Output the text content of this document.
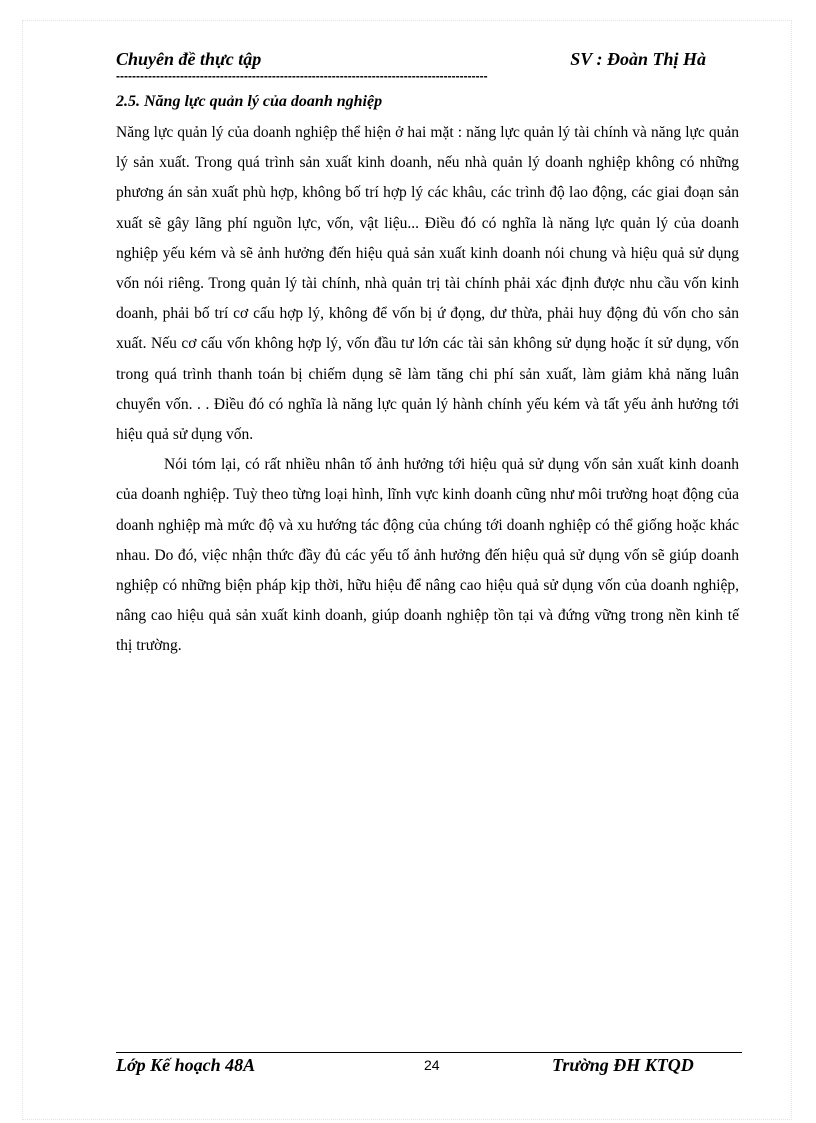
Chuyên đề thực tập	SV : Đoàn Thị Hà
---------------------------------------------------------------------------------------------
2.5. Năng lực quản lý của doanh nghiệp

Năng lực quản lý của doanh nghiệp thể hiện ở hai mặt : năng lực quản lý tài chính và năng lực quản lý sản xuất. Trong quá trình sản xuất kinh doanh, nếu nhà quản lý doanh nghiệp không có những phương án sản xuất phù hợp, không bố trí hợp lý các khâu, các trình độ lao động, các giai đoạn sản xuất sẽ gây lãng phí nguồn lực, vốn, vật liệu... Điều đó có nghĩa là năng lực quản lý của doanh nghiệp yếu kém và sẽ ảnh hưởng đến hiệu quả sản xuất kinh doanh nói chung và hiệu quả sử dụng vốn nói riêng. Trong quản lý tài chính, nhà quản trị tài chính phải xác định được nhu cầu vốn kinh doanh, phải bố trí cơ cấu hợp lý, không để vốn bị ứ đọng, dư thừa, phải huy động đủ vốn cho sản xuất. Nếu cơ cấu vốn không hợp lý, vốn đầu tư lớn các tài sản không sử dụng hoặc ít sử dụng, vốn trong quá trình thanh toán bị chiếm dụng sẽ làm tăng chi phí sản xuất, làm giảm khả năng luân chuyển vốn. . . Điều đó có nghĩa là năng lực quản lý hành chính yếu kém và tất yếu ảnh hưởng tới hiệu quả sử dụng vốn.

Nói tóm lại, có rất nhiều nhân tố ảnh hưởng tới hiệu quả sử dụng vốn sản xuất kinh doanh của doanh nghiệp. Tuỳ theo từng loại hình, lĩnh vực kinh doanh cũng như môi trường hoạt động của doanh nghiệp mà mức độ và xu hướng tác động của chúng tới doanh nghiệp có thể giống hoặc khác nhau. Do đó, việc nhận thức đầy đủ các yếu tố ảnh hưởng đến hiệu quả sử dụng vốn sẽ giúp doanh nghiệp có những biện pháp kịp thời, hữu hiệu để nâng cao hiệu quả sử dụng vốn của doanh nghiệp, nâng cao hiệu quả sản xuất kinh doanh, giúp doanh nghiệp tồn tại và đứng vững trong nền kinh tế thị trường.

Lớp Kế hoạch 48A	24	Trường ĐH KTQD
